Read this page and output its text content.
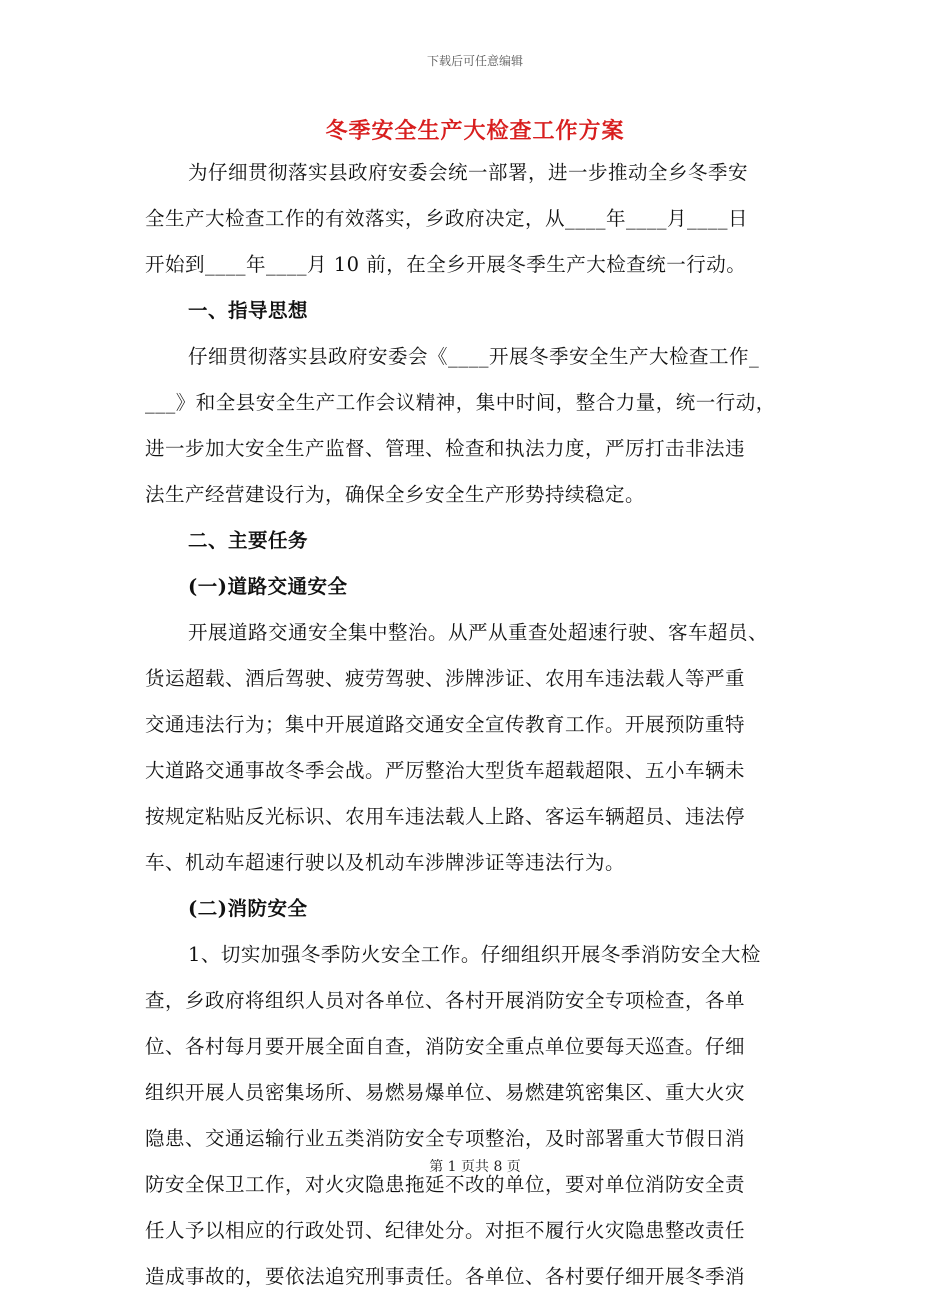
下载后可任意编辑
冬季安全生产大检查工作方案
为仔细贯彻落实县政府安委会统一部署，进一步推动全乡冬季安
全生产大检查工作的有效落实，乡政府决定，从____年____月____日
开始到____年____月 10 前，在全乡开展冬季生产大检查统一行动。
一、指导思想
仔细贯彻落实县政府安委会《____开展冬季安全生产大检查工作_
___》和全县安全生产工作会议精神，集中时间，整合力量，统一行动，
进一步加大安全生产监督、管理、检查和执法力度，严厉打击非法违
法生产经营建设行为，确保全乡安全生产形势持续稳定。
二、主要任务
(一)道路交通安全
开展道路交通安全集中整治。从严从重查处超速行驶、客车超员、
货运超载、酒后驾驶、疲劳驾驶、涉牌涉证、农用车违法载人等严重
交通违法行为；集中开展道路交通安全宣传教育工作。开展预防重特
大道路交通事故冬季会战。严厉整治大型货车超载超限、五小车辆未
按规定粘贴反光标识、农用车违法载人上路、客运车辆超员、违法停
车、机动车超速行驶以及机动车涉牌涉证等违法行为。
(二)消防安全
1、切实加强冬季防火安全工作。仔细组织开展冬季消防安全大检
查，乡政府将组织人员对各单位、各村开展消防安全专项检查，各单
位、各村每月要开展全面自查，消防安全重点单位要每天巡查。仔细
组织开展人员密集场所、易燃易爆单位、易燃建筑密集区、重大火灾
隐患、交通运输行业五类消防安全专项整治，及时部署重大节假日消
防安全保卫工作，对火灾隐患拖延不改的单位，要对单位消防安全责
任人予以相应的行政处罚、纪律处分。对拒不履行火灾隐患整改责任
造成事故的，要依法追究刑事责任。各单位、各村要仔细开展冬季消
第 1 页共 8 页
